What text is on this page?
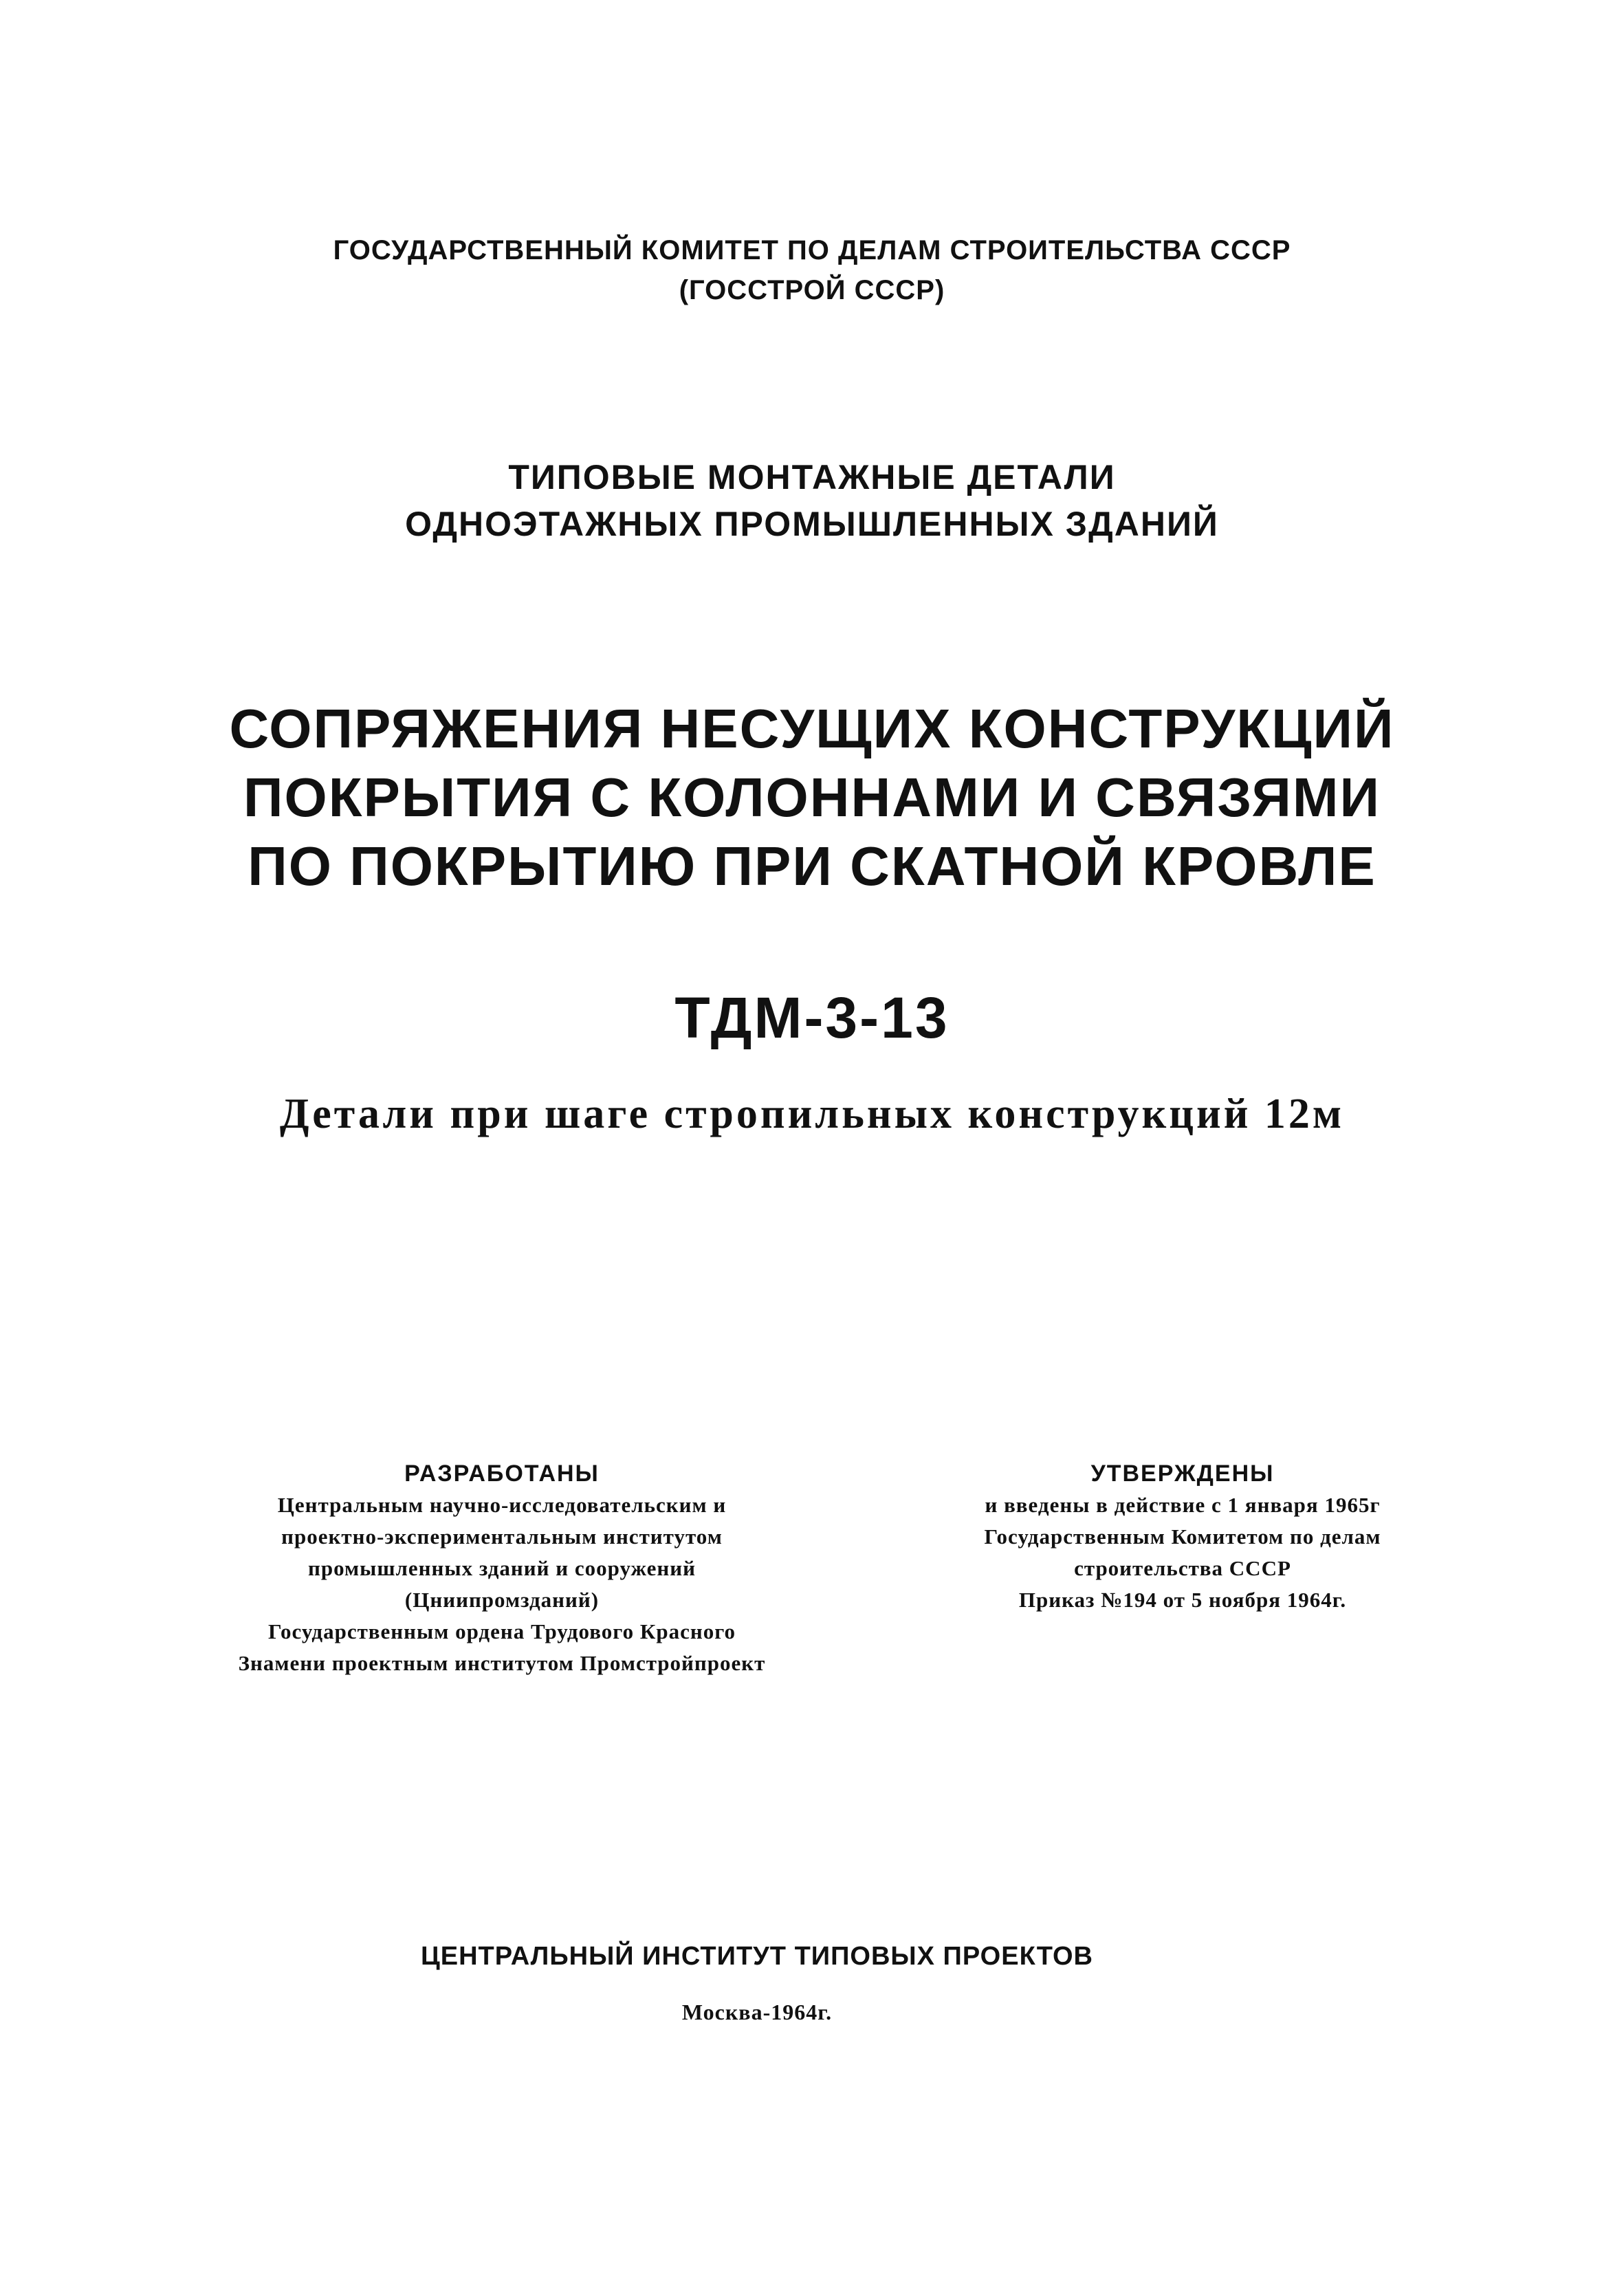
ГОСУДАРСТВЕННЫЙ КОМИТЕТ ПО ДЕЛАМ СТРОИТЕЛЬСТВА СССР
(ГОССТРОЙ СССР)
ТИПОВЫЕ МОНТАЖНЫЕ ДЕТАЛИ
ОДНОЭТАЖНЫХ ПРОМЫШЛЕННЫХ ЗДАНИЙ
СОПРЯЖЕНИЯ НЕСУЩИХ КОНСТРУКЦИЙ
ПОКРЫТИЯ С КОЛОННАМИ И СВЯЗЯМИ
ПО ПОКРЫТИЮ ПРИ СКАТНОЙ КРОВЛЕ
ТДМ-3-13
Детали при шаге стропильных конструкций 12м
РАЗРАБОТАНЫ
Центральным научно-исследовательским и
проектно-экспериментальным институтом
промышленных зданий и сооружений
(Цниипромзданий)
Государственным ордена Трудового Красного
Знамени проектным институтом Промстройпроект
УТВЕРЖДЕНЫ
и введены в действие с 1 января 1965г
Государственным Комитетом по делам
строительства СССР
Приказ №194 от 5 ноября 1964г.
ЦЕНТРАЛЬНЫЙ ИНСТИТУТ ТИПОВЫХ ПРОЕКТОВ
Москва-1964г.
